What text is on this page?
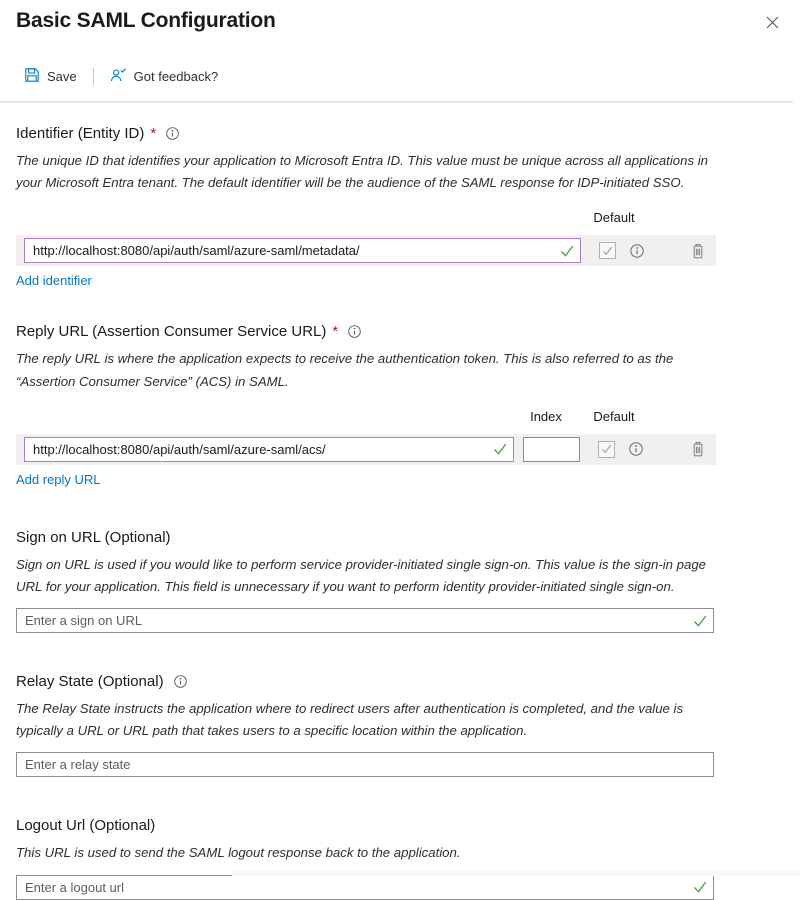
Basic SAML Configuration
Save	Got feedback?
Identifier (Entity ID) *

The unique ID that identifies your application to Microsoft Entra ID. This value must be unique across all applications in your Microsoft Entra tenant. The default identifier will be the audience of the SAML response for IDP-initiated SSO.

Default
http://localhost:8080/api/auth/saml/azure-saml/metadata/
Add identifier
Reply URL (Assertion Consumer Service URL) *

The reply URL is where the application expects to receive the authentication token. This is also referred to as the “Assertion Consumer Service” (ACS) in SAML.

Index	Default
http://localhost:8080/api/auth/saml/azure-saml/acs/
Add reply URL
Sign on URL (Optional)

Sign on URL is used if you would like to perform service provider-initiated single sign-on. This value is the sign-in page URL for your application. This field is unnecessary if you want to perform identity provider-initiated single sign-on.

Enter a sign on URL
Relay State (Optional)

The Relay State instructs the application where to redirect users after authentication is completed, and the value is typically a URL or URL path that takes users to a specific location within the application.

Enter a relay state
Logout Url (Optional)

This URL is used to send the SAML logout response back to the application.

Enter a logout url
